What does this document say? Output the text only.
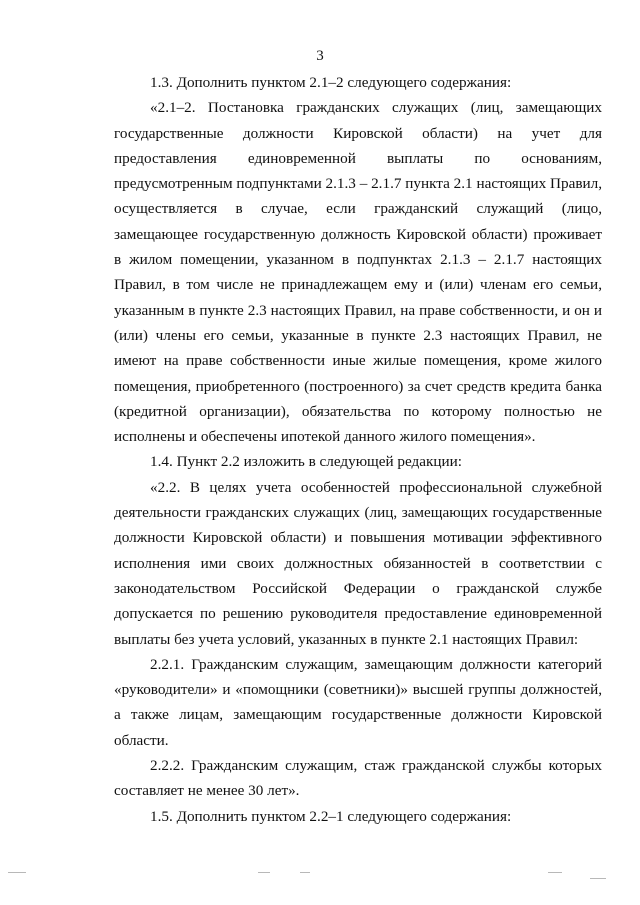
3

1.3. Дополнить пунктом 2.1–2 следующего содержания:

«2.1–2. Постановка гражданских служащих (лиц, замещающих государственные должности Кировской области) на учет для предоставления единовременной выплаты по основаниям, предусмотренным подпунктами 2.1.3 – 2.1.7 пункта 2.1 настоящих Правил, осуществляется в случае, если гражданский служащий (лицо, замещающее государственную должность Кировской области) проживает в жилом помещении, указанном в подпунктах 2.1.3 – 2.1.7 настоящих Правил, в том числе не принадлежащем ему и (или) членам его семьи, указанным в пункте 2.3 настоящих Правил, на праве собственности, и он и (или) члены его семьи, указанные в пункте 2.3 настоящих Правил, не имеют на праве собственности иные жилые помещения, кроме жилого помещения, приобретенного (построенного) за счет средств кредита банка (кредитной организации), обязательства по которому полностью не исполнены и обеспечены ипотекой данного жилого помещения».

1.4. Пункт 2.2 изложить в следующей редакции:

«2.2. В целях учета особенностей профессиональной служебной деятельности гражданских служащих (лиц, замещающих государственные должности Кировской области) и повышения мотивации эффективного исполнения ими своих должностных обязанностей в соответствии с законодательством Российской Федерации о гражданской службе допускается по решению руководителя предоставление единовременной выплаты без учета условий, указанных в пункте 2.1 настоящих Правил:

2.2.1. Гражданским служащим, замещающим должности категорий «руководители» и «помощники (советники)» высшей группы должностей, а также лицам, замещающим государственные должности Кировской области.

2.2.2. Гражданским служащим, стаж гражданской службы которых составляет не менее 30 лет».

1.5. Дополнить пунктом 2.2–1 следующего содержания:
